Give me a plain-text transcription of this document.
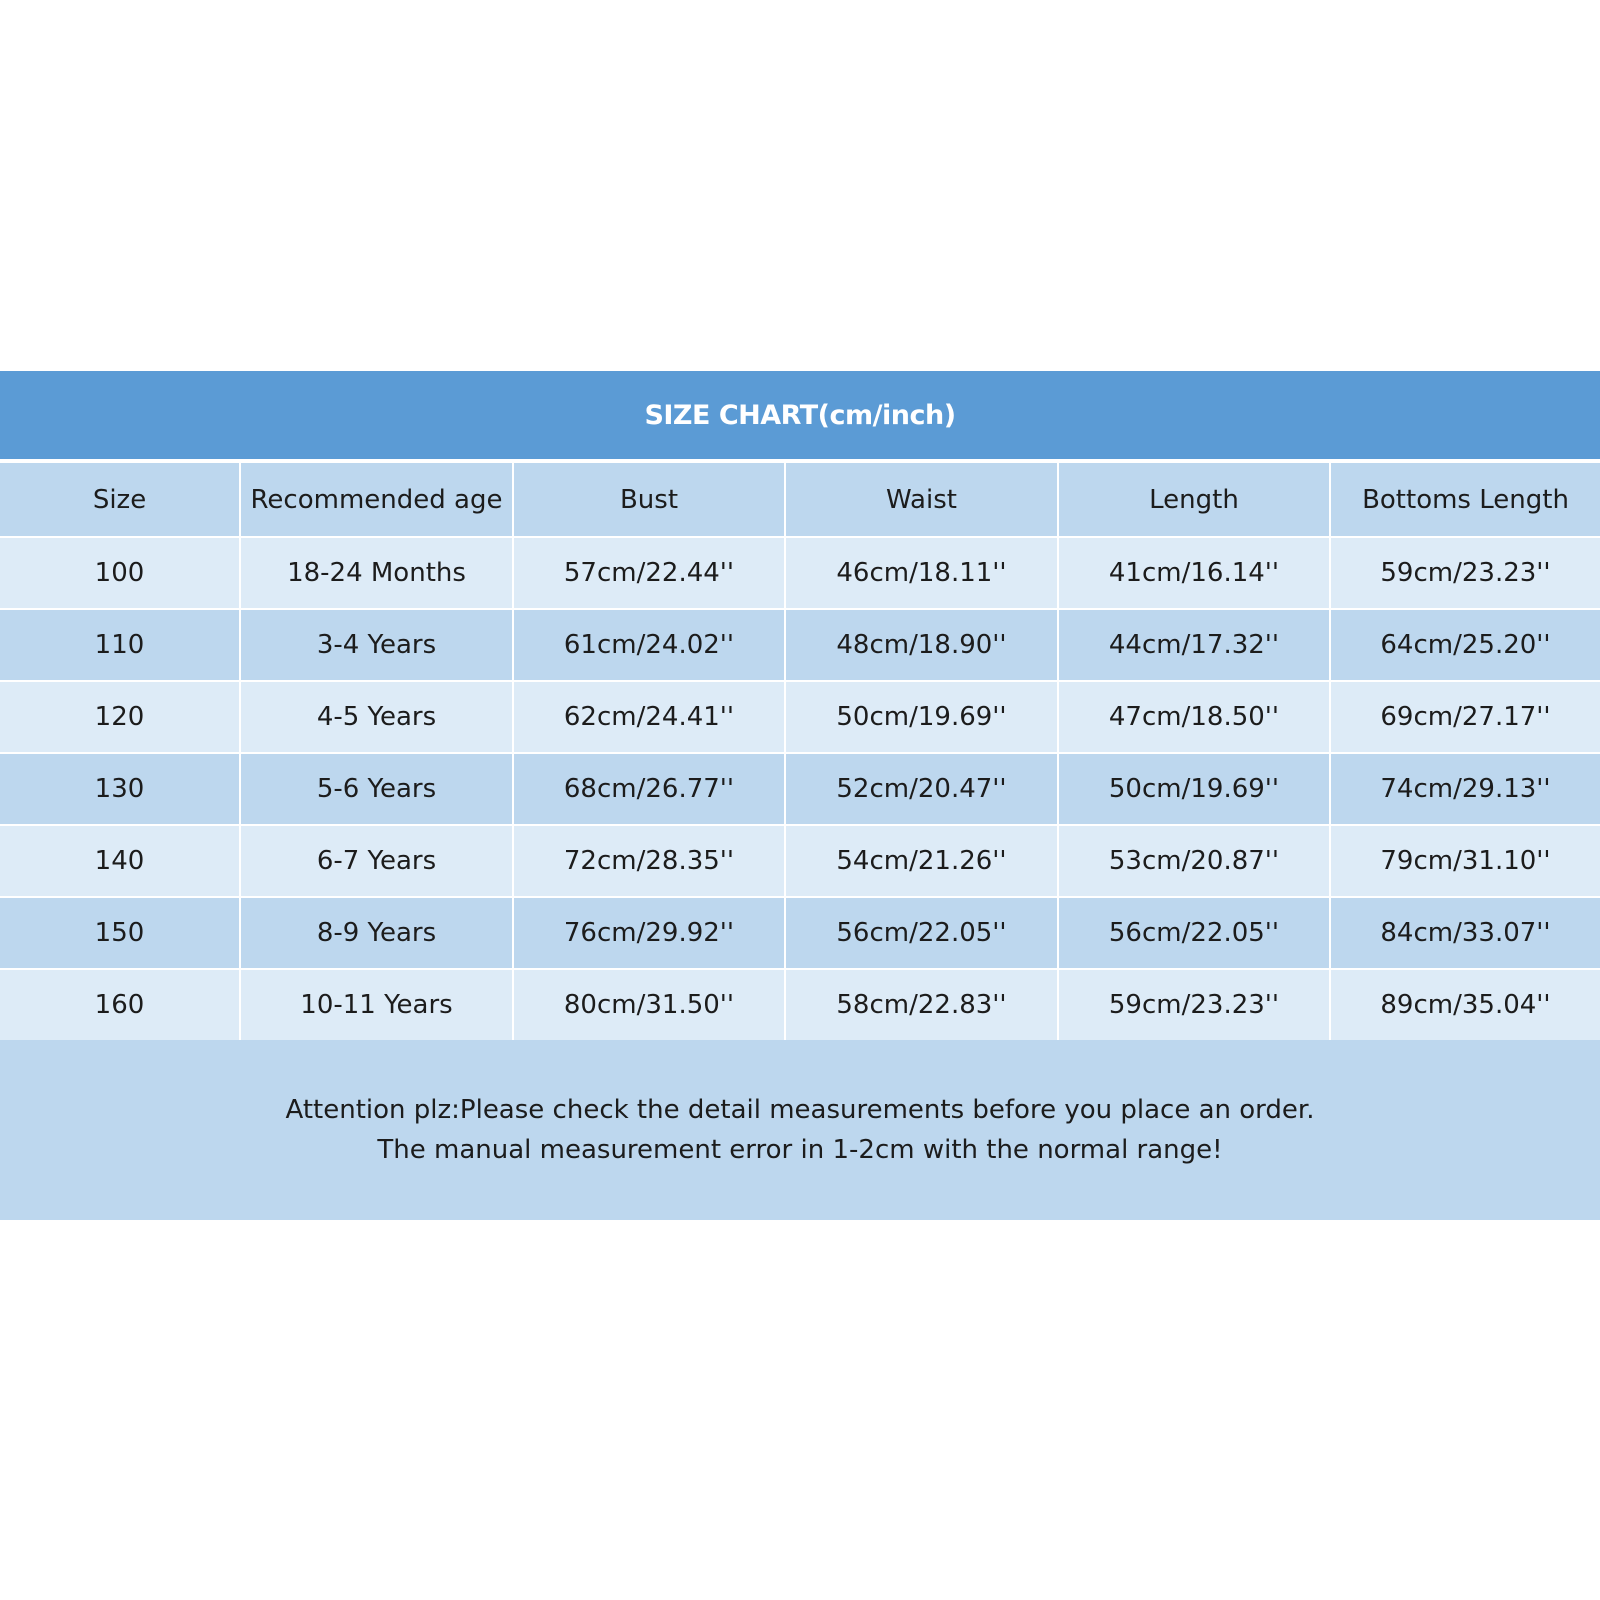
SIZE CHART(cm/inch)
Size	Recommended age	Bust	Waist	Length	Bottoms Length
100	18-24 Months	57cm/22.44''	46cm/18.11''	41cm/16.14''	59cm/23.23''
110	3-4 Years	61cm/24.02''	48cm/18.90''	44cm/17.32''	64cm/25.20''
120	4-5 Years	62cm/24.41''	50cm/19.69''	47cm/18.50''	69cm/27.17''
130	5-6 Years	68cm/26.77''	52cm/20.47''	50cm/19.69''	74cm/29.13''
140	6-7 Years	72cm/28.35''	54cm/21.26''	53cm/20.87''	79cm/31.10''
150	8-9 Years	76cm/29.92''	56cm/22.05''	56cm/22.05''	84cm/33.07''
160	10-11 Years	80cm/31.50''	58cm/22.83''	59cm/23.23''	89cm/35.04''
Attention plz:Please check the detail measurements before you place an order.
The manual measurement error in 1-2cm with the normal range!
